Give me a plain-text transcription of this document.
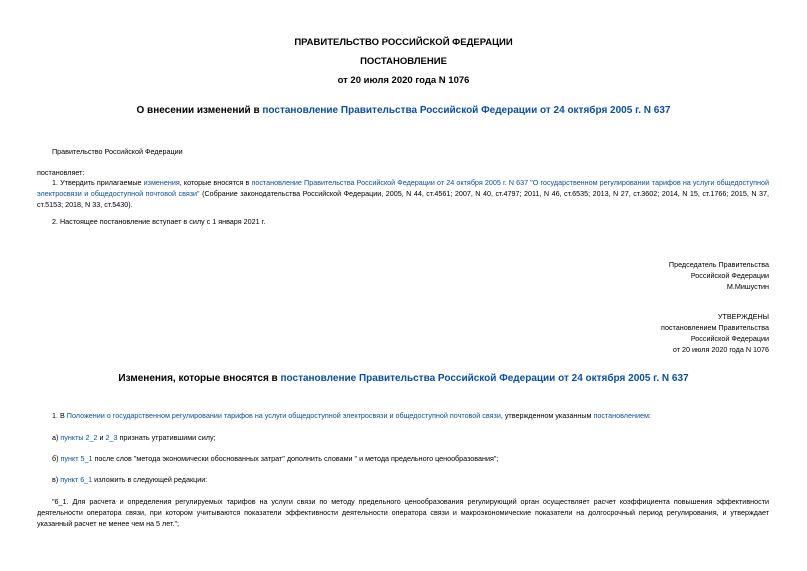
ПРАВИТЕЛЬСТВО РОССИЙСКОЙ ФЕДЕРАЦИИ
ПОСТАНОВЛЕНИЕ
от 20 июля 2020 года N 1076
О внесении изменений в постановление Правительства Российской Федерации от 24 октября 2005 г. N 637
Правительство Российской Федерации
постановляет:
1. Утвердить прилагаемые изменения, которые вносятся в постановление Правительства Российской Федерации от 24 октября 2005 г. N 637 "О государственном регулировании тарифов на услуги общедоступной электросвязи и общедоступной почтовой связи" (Собрание законодательства Российской Федерации, 2005, N 44, ст.4561; 2007, N 40, ст.4797; 2011, N 46, ст.6535; 2013, N 27, ст.3602; 2014, N 15, ст.1766; 2015, N 37, ст.5153; 2018, N 33, ст.5430).
2. Настоящее постановление вступает в силу с 1 января 2021 г.
Председатель Правительства
Российской Федерации
М.Мишустин
УТВЕРЖДЕНЫ
постановлением Правительства
Российской Федерации
от 20 июля 2020 года N 1076
Изменения, которые вносятся в постановление Правительства Российской Федерации от 24 октября 2005 г. N 637
1. В Положении о государственном регулировании тарифов на услуги общедоступной электросвязи и общедоступной почтовой связи, утвержденном указанным постановлением:
а) пункты 2_2 и 2_3 признать утратившими силу;
б) пункт 5_1 после слов "метода экономически обоснованных затрат" дополнить словами " и метода предельного ценообразования";
в) пункт 6_1 изложить в следующей редакции:
"6_1. Для расчета и определения регулируемых тарифов на услуги связи по методу предельного ценообразования регулирующий орган осуществляет расчет коэффициента повышения эффективности деятельности оператора связи, при котором учитываются показатели эффективности деятельности оператора связи и макроэкономические показатели на долгосрочный период регулирования, и утверждает указанный расчет не менее чем на 5 лет.";
